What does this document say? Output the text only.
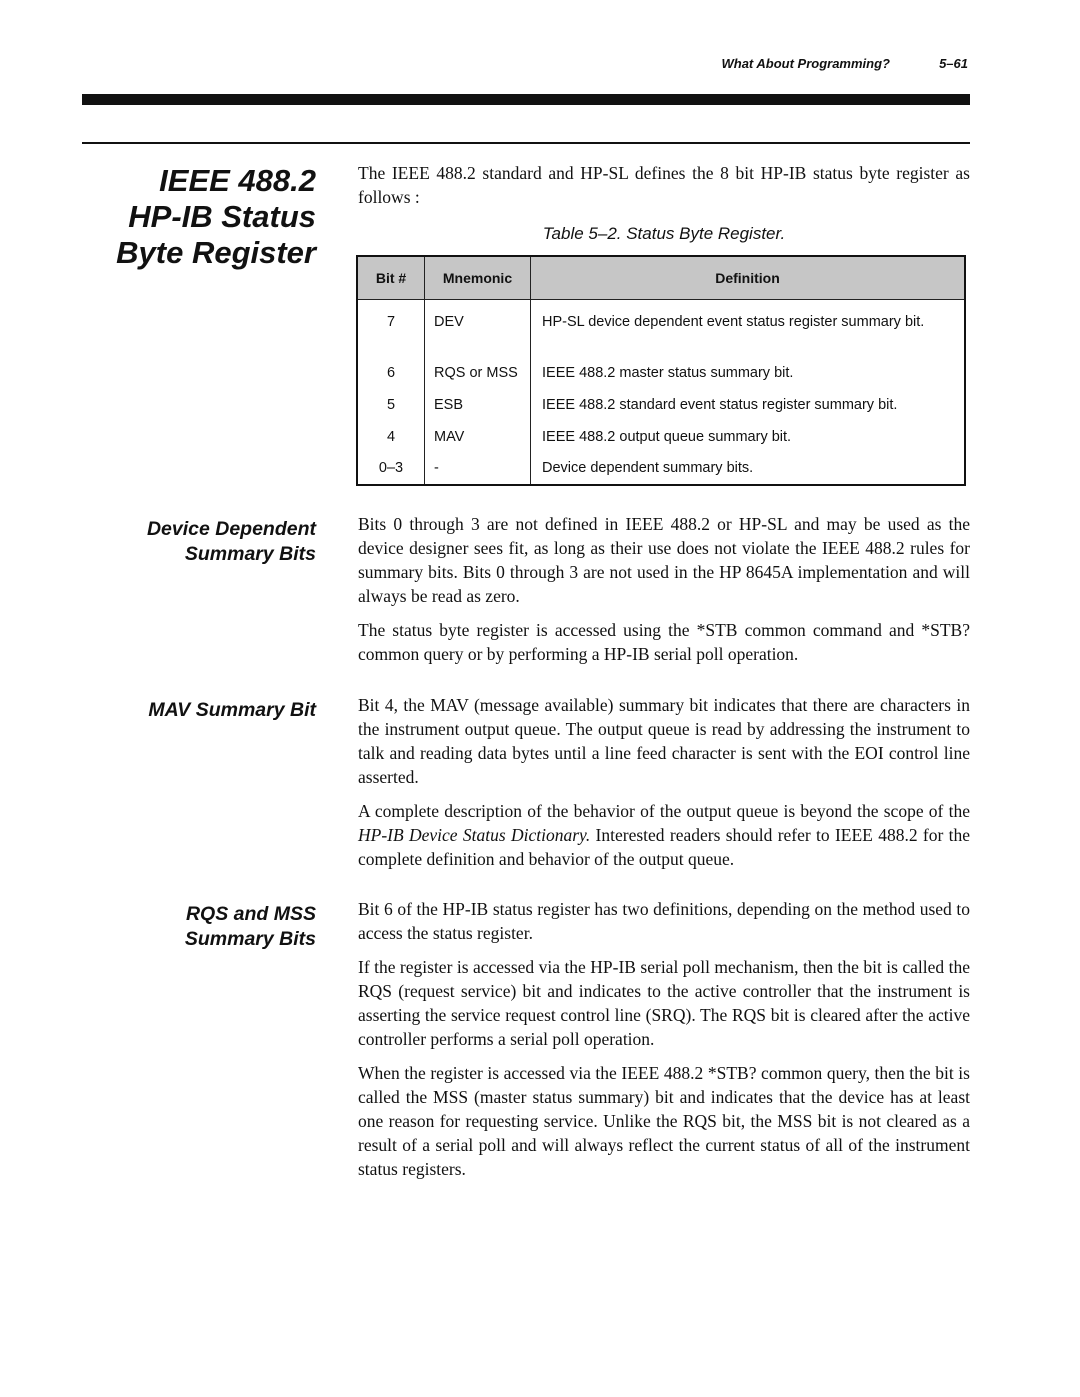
What About Programming?	5–61
IEEE 488.2
HP-IB Status
Byte Register

The IEEE 488.2 standard and HP-SL defines the 8 bit HP-IB status byte register as follows :

Table 5–2. Status Byte Register.
Bit #	Mnemonic	Definition
7	DEV	HP-SL device dependent event status register summary bit.
6	RQS or MSS	IEEE 488.2 master status summary bit.
5	ESB	IEEE 488.2 standard event status register summary bit.
4	MAV	IEEE 488.2 output queue summary bit.
0–3	-	Device dependent summary bits.
Device Dependent
Summary Bits

Bits 0 through 3 are not defined in IEEE 488.2 or HP-SL and may be used as the device designer sees fit, as long as their use does not violate the IEEE 488.2 rules for summary bits. Bits 0 through 3 are not used in the HP 8645A implementation and will always be read as zero.

The status byte register is accessed using the *STB common command and *STB? common query or by performing a HP-IB serial poll operation.

MAV Summary Bit Bit 4, the MAV (message available) summary bit indicates that there are characters in the instrument output queue. The output queue is read by addressing the instrument to talk and reading data bytes until a line feed character is sent with the EOI control line asserted.

A complete description of the behavior of the output queue is beyond the scope of the HP-IB Device Status Dictionary. Interested readers should refer to IEEE 488.2 for the complete definition and behavior of the output queue.

RQS and MSS
Summary Bits

Bit 6 of the HP-IB status register has two definitions, depending on the method used to access the status register.

If the register is accessed via the HP-IB serial poll mechanism, then the bit is called the RQS (request service) bit and indicates to the active controller that the instrument is asserting the service request control line (SRQ). The RQS bit is cleared after the active controller performs a serial poll operation.

When the register is accessed via the IEEE 488.2 *STB? common query, then the bit is called the MSS (master status summary) bit and indicates that the device has at least one reason for requesting service. Unlike the RQS bit, the MSS bit is not cleared as a result of a serial poll and will always reflect the current status of all of the instrument status registers.
